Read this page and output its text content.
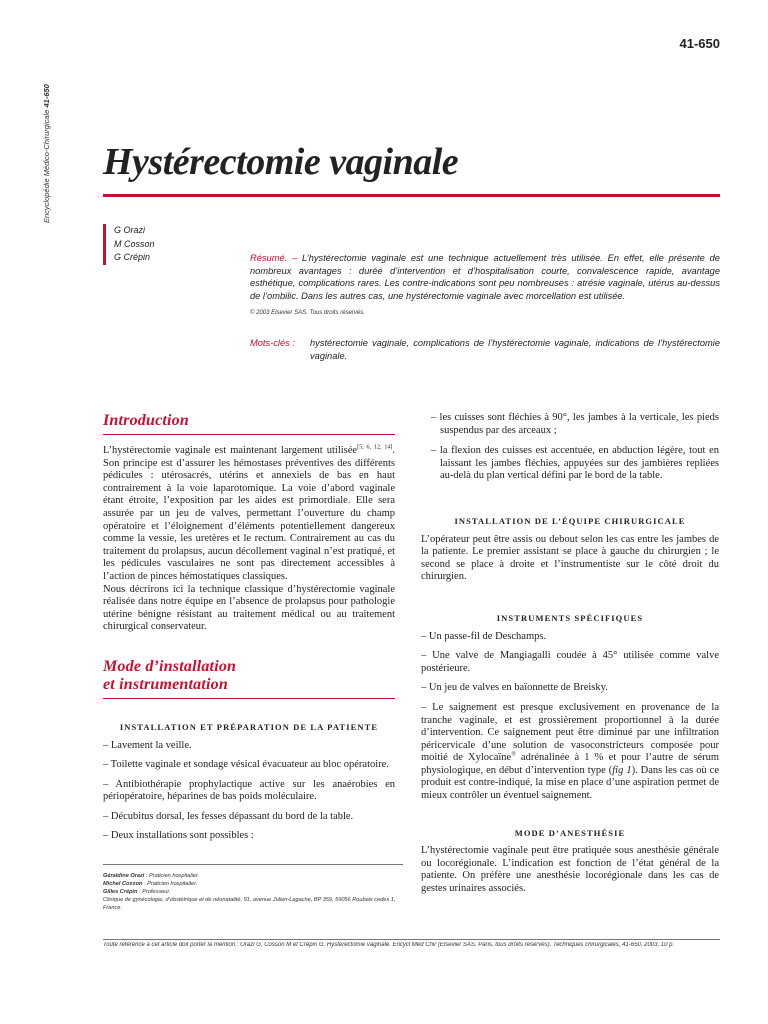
Encyclopédie Médico-Chirurgicale 41-650
41-650
Hystérectomie vaginale
G Orazi
M Cosson
G Crépin	Résumé. – L’hystérectomie vaginale est une technique actuellement très utilisée. En effet, elle présente de nombreux avantages : durée d’intervention et d’hospitalisation courte, convalescence rapide, avantage esthétique, complications rares. Les contre-indications sont peu nombreuses : atrésie vaginale, utérus au-dessus de l’ombilic. Dans les autres cas, une hystérectomie vaginale avec morcellation est utilisée.
© 2003 Elsevier SAS. Tous droits réservés.
Mots-clés :	hystérectomie vaginale, complications de l’hystérectomie vaginale, indications de l’hystérectomie vaginale.
Introduction

L’hystérectomie vaginale est maintenant largement utilisée[5, 6, 12, 14]. Son principe est d’assurer les hémostases préventives des différents pédicules : utérosacrés, utérins et annexiels de bas en haut contrairement à la voie laparotomique. La voie d’abord vaginale étant étroite, l’exposition par les aides est primordiale. Elle sera assurée par un jeu de valves, permettant l’ouverture du champ opératoire et l’éloignement d’éléments potentiellement dangereux comme la vessie, les uretères et le rectum. Contrairement au cas du traitement du prolapsus, aucun décollement vaginal n’est pratiqué, et les pédicules vasculaires ne sont pas directement accessibles à l’action de pinces hémostatiques classiques.

Nous décrirons ici la technique classique d’hystérectomie vaginale réalisée dans notre équipe en l’absence de prolapsus pour pathologie utérine bénigne résistant au traitement médical ou au traitement chirurgical conservateur.

Mode d’installation
et instrumentation
INSTALLATION ET PRÉPARATION DE LA PATIENTE

– Lavement la veille.

– Toilette vaginale et sondage vésical évacuateur au bloc opératoire.

– Antibiothérapie prophylactique active sur les anaérobies en périopératoire, héparines de bas poids moléculaire.

– Décubitus dorsal, les fesses dépassant du bord de la table.

– Deux installations sont possibles :

– les cuisses sont fléchies à 90°, les jambes à la verticale, les pieds suspendus par des arceaux ;

– la flexion des cuisses est accentuée, en abduction légère, tout en laissant les jambes fléchies, appuyées sur des jambières repliées au-delà du plan vertical défini par le bord de la table.

INSTALLATION DE L’ÉQUIPE CHIRURGICALE

L’opérateur peut être assis ou debout selon les cas entre les jambes de la patiente. Le premier assistant se place à gauche du chirurgien ; le second se place à droite et l’instrumentiste sur le côté droit du chirurgien.

INSTRUMENTS SPÉCIFIQUES

– Un passe-fil de Deschamps.

– Une valve de Mangiagalli coudée à 45° utilisée comme valve postérieure.

– Un jeu de valves en baïonnette de Breisky.

– Le saignement est presque exclusivement en provenance de la tranche vaginale, et est grossièrement proportionnel à la durée d’intervention. Ce saignement peut être diminué par une infiltration péricervicale d’une solution de vasoconstricteurs composée pour moitié de Xylocaïne® adrénalinée à 1 % et pour l’autre de sérum physiologique, en début d’intervention type (fig 1). Dans les cas où ce produit est contre-indiqué, la mise en place d’une aspiration permet de mieux contrôler un éventuel saignement.

MODE D’ANESTHÉSIE

L’hystérectomie vaginale peut être pratiquée sous anesthésie générale ou locorégionale. L’indication est fonction de l’état général de la patiente. On préfère une anesthésie locorégionale dans les cas de gestes urinaires associés.

Géraldine Orazi : Praticien hospitalier.
Michel Cosson : Praticien hospitalier.
Gilles Crépin : Professeur.
Clinique de gynécologie, d’obstétrique et de néonatalité, 91, avenue Julien-Lagache, BP 359, 59056 Roubaix cedex 1, France.
Toute référence à cet article doit porter la mention : Orazi G, Cosson M et Crépin G. Hystérectomie vaginale. Encycl Méd Chir (Elsevier SAS, Paris, tous droits réservés), Techniques chirurgicales, 41-650, 2003, 10 p.
